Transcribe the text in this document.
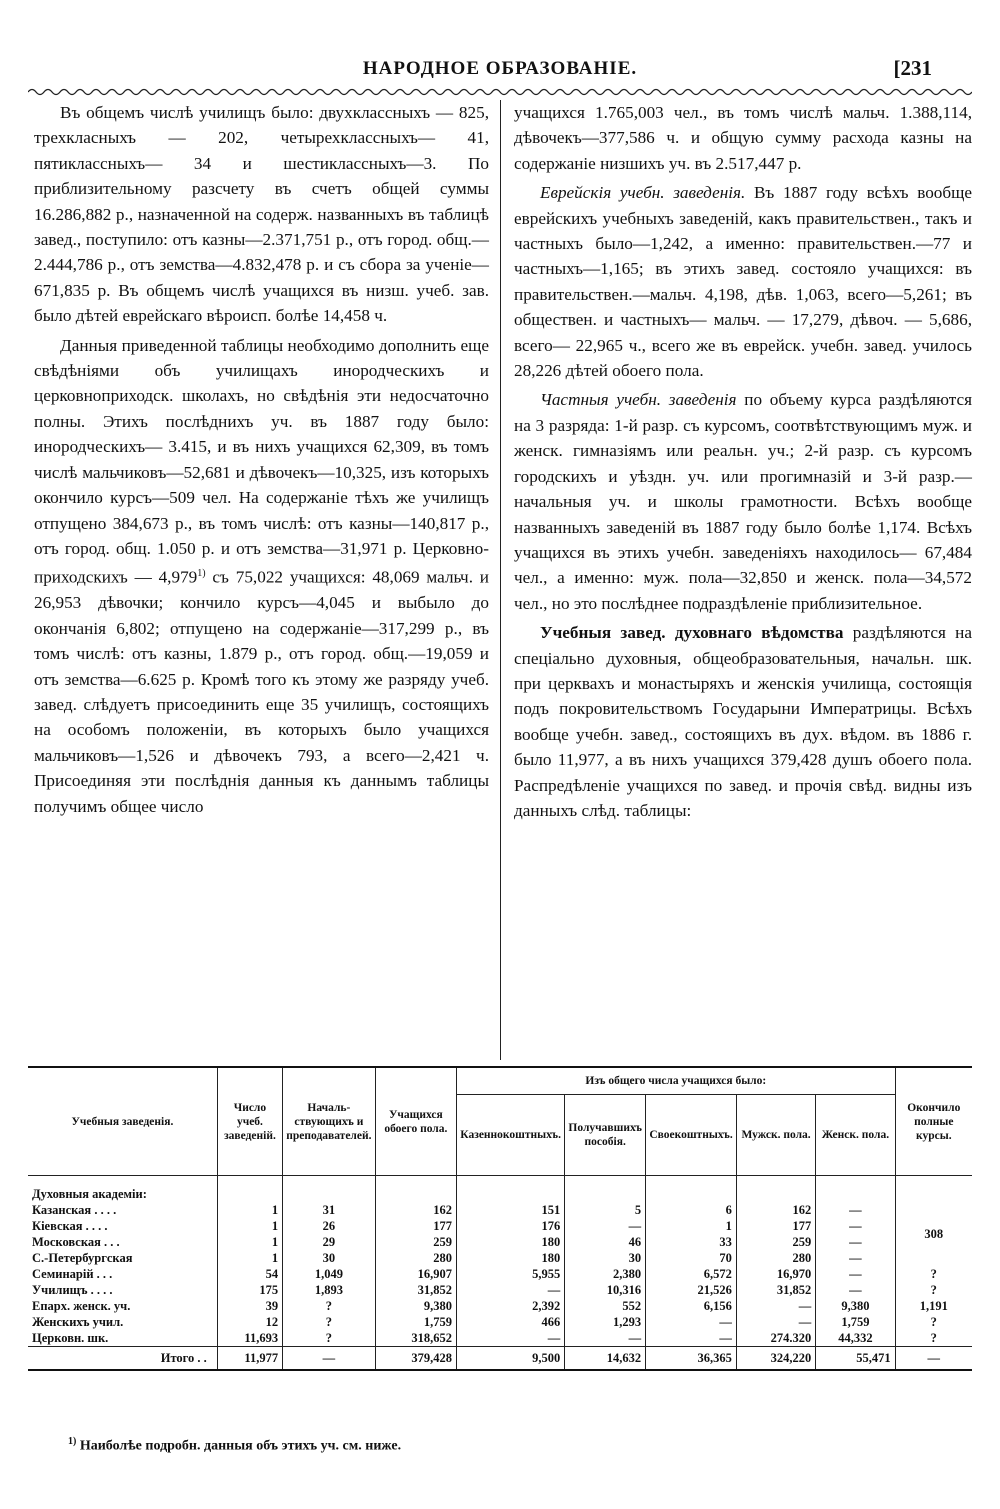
НАРОДНОЕ ОБРАЗОВАНІЕ.	[231

Въ общемъ числѣ училищъ было: двухклассныхъ — 825, трехкласныхъ — 202, четырехклассныхъ— 41, пятиклассныхъ— 34 и шестиклассныхъ—3. По приблизительному разсчету въ счетъ общей суммы 16.286,882 р., назначенной на содерж. названныхъ въ таблицѣ завед., поступило: отъ казны—2.371,751 р., отъ город. общ.— 2.444,786 р., отъ земства—4.832,478 р. и съ сбора за ученіе—671,835 р. Въ общемъ числѣ учащихся въ низш. учеб. зав. было дѣтей еврейскаго вѣроисп. болѣе 14,458 ч.

Данныя приведенной таблицы необходимо дополнить еще свѣдѣніями объ училищахъ инородческихъ и церковноприходск. школахъ, но свѣдѣнія эти недосчаточно полны. Этихъ послѣднихъ уч. въ 1887 году было: инородческихъ— 3.415, и въ нихъ учащихся 62,309, въ томъ числѣ мальчиковъ—52,681 и дѣвочекъ—10,325, изъ которыхъ окончило курсъ—509 чел. На содержаніе тѣхъ же училищъ отпущено 384,673 р., въ томъ числѣ: отъ казны—140,817 р., отъ город. общ. 1.050 р. и отъ земства—31,971 р. Церковно-приходскихъ — 4,979$^{1)}$ съ 75,022 учащихся: 48,069 мальч. и 26,953 дѣвочки; кончило курсъ—4,045 и выбыло до окончанія 6,802; отпущено на содержаніе—317,299 р., въ томъ числѣ: отъ казны, 1.879 р., отъ город. общ.—19,059 и отъ земства—6.625 р. Кромѣ того къ этому же разряду учеб. завед. слѣдуетъ присоединить еще 35 училищъ, состоящихъ на особомъ положеніи, въ которыхъ было учащихся мальчиковъ—1,526 и дѣвочекъ 793, а всего—2,421 ч. Присоединяя эти послѣднія данныя къ даннымъ таблицы получимъ общее число

учащихся 1.765,003 чел., въ томъ числѣ мальч. 1.388,114, дѣвочекъ—377,586 ч. и общую сумму расхода казны на содержаніе низшихъ уч. въ 2.517,447 р.

Еврейскія учебн. заведенія. Въ 1887 году всѣхъ вообще еврейскихъ учебныхъ заведеній, какъ правительствен., такъ и частныхъ было—1,242, а именно: правительствен.—77 и частныхъ—1,165; въ этихъ завед. состояло учащихся: въ правительствен.—мальч. 4,198, дѣв. 1,063, всего—5,261; въ обществен. и частныхъ— мальч. — 17,279, дѣвоч. — 5,686, всего— 22,965 ч., всего же въ еврейск. учебн. завед. училось 28,226 дѣтей обоего пола.

Частныя учебн. заведенія по объему курса раздѣляются на 3 разряда: 1-й разр. съ курсомъ, соотвѣтствующимъ муж. и женск. гимназіямъ или реальн. уч.; 2-й разр. съ курсомъ городскихъ и уѣздн. уч. или прогимназій и 3-й разр.—начальныя уч. и школы грамотности. Всѣхъ вообще названныхъ заведеній въ 1887 году было болѣе 1,174. Всѣхъ учащихся въ этихъ учебн. заведеніяхъ находилось— 67,484 чел., а именно: муж. пола—32,850 и женск. пола—34,572 чел., но это послѣднее подраздѣленіе приблизительное.

Учебныя завед. духовнаго вѣдомства раздѣляются на спеціально духовныя, общеобразовательныя, начальн. шк. при церквахъ и монастыряхъ и женскія училища, состоящія подъ покровительствомъ Государыни Императрицы. Всѣхъ вообще учебн. завед., состоящихъ въ дух. вѣдом. въ 1886 г. было 11,977, а въ нихъ учащихся 379,428 душъ обоего пола. Распредѣленіе учащихся по завед. и прочія свѣд. видны изъ данныхъ слѣд. таблицы:

Учебныя заведенія.	Число учеб. заведеній.	Начальствующихъ и преподавателей.	Учащихся обоего пола.	Изъ общего числа учащихся было:					Окончило полные курсы.
				Казеннокоштныхъ.	Получавшихъ пособія.	Своекоштныхъ.	Мужск. пола.	Женск. пола.	
Духовныя академіи:									
Казанская . . . .	1	31	162	151	5	6	162	—	308
Кіевская . . . .	1	26	177	176	—	1	177	—	
Московская . . .	1	29	259	180	46	33	259	—	
С.-Петербургская	1	30	280	180	30	70	280	—	
Семинарій . . .	54	1,049	16,907	5,955	2,380	6,572	16,970	—	?
Училищъ . . . .	175	1,893	31,852	—	10,316	21,526	31,852	—	?
Епарх. женск. уч.	39	?	9,380	2,392	552	6,156	—	9,380	1,191
Женскихъ учил.	12	?	1,759	466	1,293	—	—	1,759	?
Церковн. шк.	11,693	?	318,652	—	—	—	274.320	44,332	?
Итого . .	11,977	—	379,428	9,500	14,632	36,365	324,220	55,471	—
$^{1)}$ Наиболѣе подробн. данныя объ этихъ уч. см. ниже.
